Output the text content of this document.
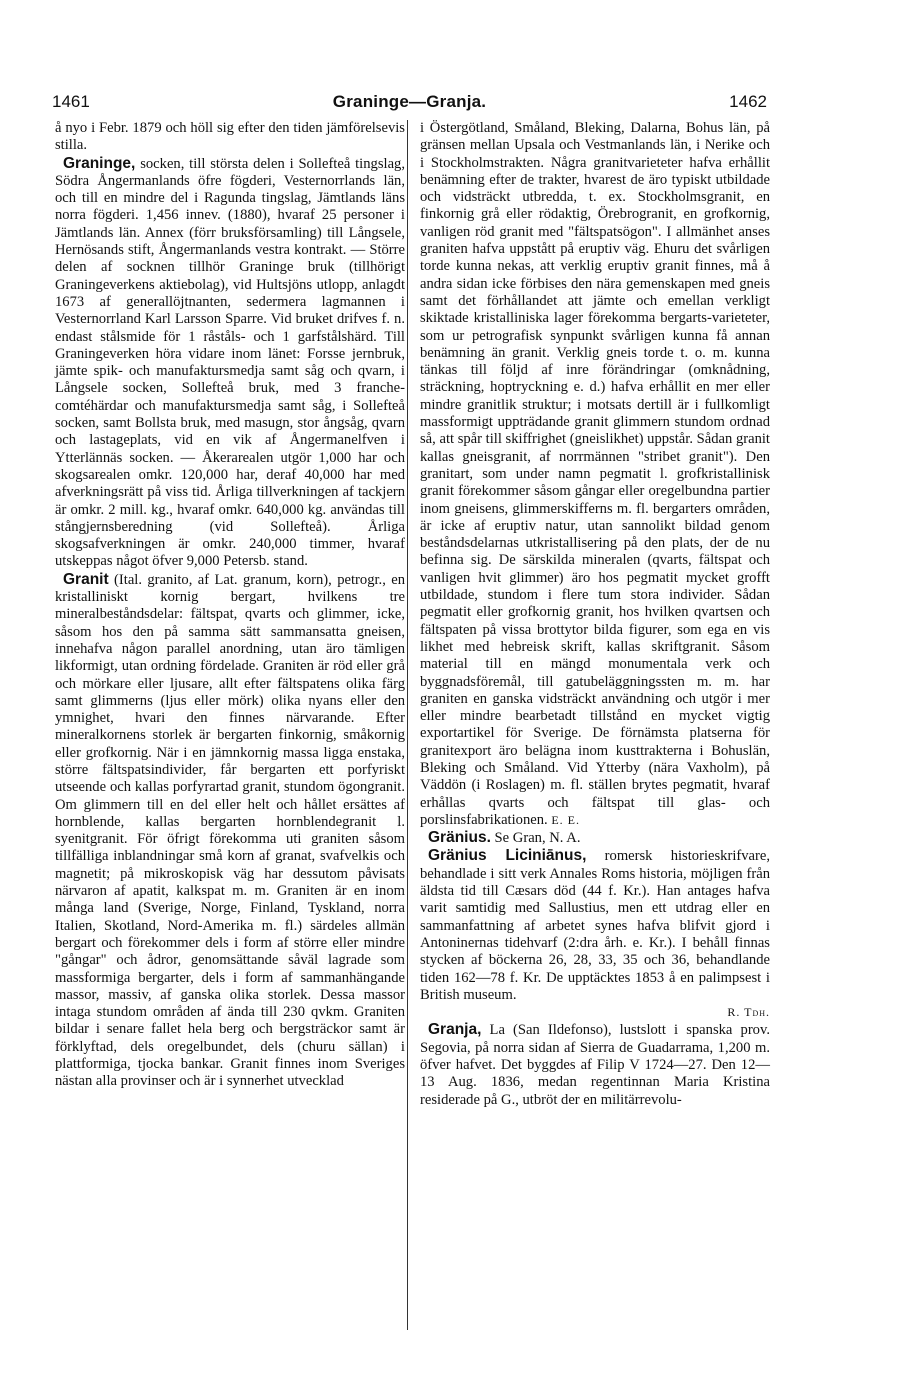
1461	Graninge—Granja.	1462

å nyo i Febr. 1879 och höll sig efter den tiden jämförelsevis stilla.

Graninge, socken, till största delen i Sollefteå tingslag, Södra Ångermanlands öfre fögderi, Vesternorrlands län, och till en mindre del i Ragunda tingslag, Jämtlands läns norra fögderi. 1,456 innev. (1880), hvaraf 25 personer i Jämtlands län. Annex (förr bruksförsamling) till Långsele, Hernösands stift, Ångermanlands vestra kontrakt. — Större delen af socknen tillhör Graninge bruk (tillhörigt Graningeverkens aktiebolag), vid Hultsjöns utlopp, anlagdt 1673 af generallöjtnanten, sedermera lagmannen i Vesternorrland Karl Larsson Sparre. Vid bruket drifves f. n. endast stålsmide för 1 råståls- och 1 garfstålshärd. Till Graningeverken höra vidare inom länet: Forsse jernbruk, jämte spik- och manufaktursmedja samt såg och qvarn, i Långsele socken, Sollefteå bruk, med 3 franche-comtéhärdar och manufaktursmedja samt såg, i Sollefteå socken, samt Bollsta bruk, med masugn, stor ångsåg, qvarn och lastageplats, vid en vik af Ångermanelfven i Ytterlännäs socken. — Åkerarealen utgör 1,000 har och skogsarealen omkr. 120,000 har, deraf 40,000 har med afverkningsrätt på viss tid. Årliga tillverkningen af tackjern är omkr. 2 mill. kg., hvaraf omkr. 640,000 kg. användas till stångjernsberedning (vid Sollefteå). Årliga skogsafverkningen är omkr. 240,000 timmer, hvaraf utskeppas något öfver 9,000 Petersb. stand.

Granit (Ital. granito, af Lat. granum, korn), petrogr., en kristalliniskt kornig bergart, hvilkens tre mineralbeståndsdelar: fältspat, qvarts och glimmer, icke, såsom hos den på samma sätt sammansatta gneisen, innehafva någon parallel anordning, utan äro tämligen likformigt, utan ordning fördelade. Graniten är röd eller grå och mörkare eller ljusare, allt efter fältspatens olika färg samt glimmerns (ljus eller mörk) olika nyans eller den ymnighet, hvari den finnes närvarande. Efter mineralkornens storlek är bergarten finkornig, småkornig eller grofkornig. När i en jämnkornig massa ligga enstaka, större fältspatsindivider, får bergarten ett porfyriskt utseende och kallas porfyrartad granit, stundom ögongranit. Om glimmern till en del eller helt och hållet ersättes af hornblende, kallas bergarten hornblendegranit l. syenitgranit. För öfrigt förekomma uti graniten såsom tillfälliga inblandningar små korn af granat, svafvelkis och magnetit; på mikroskopisk väg har dessutom påvisats närvaron af apatit, kalkspat m. m. Graniten är en inom många land (Sverige, Norge, Finland, Tyskland, norra Italien, Skotland, Nord-Amerika m. fl.) särdeles allmän bergart och förekommer dels i form af större eller mindre "gångar" och ådror, genomsättande såväl lagrade som massformiga bergarter, dels i form af sammanhängande massor, massiv, af ganska olika storlek. Dessa massor intaga stundom områden af ända till 230 qvkm. Graniten bildar i senare fallet hela berg och bergsträckor samt är förklyftad, dels oregelbundet, dels (churu sällan) i plattformiga, tjocka bankar. Granit finnes inom Sveriges nästan alla provinser och är i synnerhet utvecklad

i Östergötland, Småland, Bleking, Dalarna, Bohus län, på gränsen mellan Upsala och Vestmanlands län, i Nerike och i Stockholmstrakten. Några granitvarieteter hafva erhållit benämning efter de trakter, hvarest de äro typiskt utbildade och vidsträckt utbredda, t. ex. Stockholmsgranit, en finkornig grå eller rödaktig, Örebrogranit, en grofkornig, vanligen röd granit med "fältspatsögon". I allmänhet anses graniten hafva uppstått på eruptiv väg. Ehuru det svårligen torde kunna nekas, att verklig eruptiv granit finnes, må å andra sidan icke förbises den nära gemenskapen med gneis samt det förhållandet att jämte och emellan verkligt skiktade kristalliniska lager förekomma bergarts-varieteter, som ur petrografisk synpunkt svårligen kunna få annan benämning än granit. Verklig gneis torde t. o. m. kunna tänkas till följd af inre förändringar (omknådning, sträckning, hoptryckning e. d.) hafva erhållit en mer eller mindre granitlik struktur; i motsats dertill är i fullkomligt massformigt uppträdande granit glimmern stundom ordnad så, att spår till skiffrighet (gneislikhet) uppstår. Sådan granit kallas gneisgranit, af norrmännen "stribet granit"). Den granitart, som under namn pegmatit l. grofkristallinisk granit förekommer såsom gångar eller oregelbundna partier inom gneisens, glimmerskifferns m. fl. bergarters områden, är icke af eruptiv natur, utan sannolikt bildad genom beståndsdelarnas utkristallisering på den plats, der de nu befinna sig. De särskilda mineralen (qvarts, fältspat och vanligen hvit glimmer) äro hos pegmatit mycket grofft utbildade, stundom i flere tum stora individer. Sådan pegmatit eller grofkornig granit, hos hvilken qvartsen och fältspaten på vissa brottytor bilda figurer, som ega en vis likhet med hebreisk skrift, kallas skriftgranit. Såsom material till en mängd monumentala verk och byggnadsföremål, till gatubeläggningssten m. m. har graniten en ganska vidsträckt användning och utgör i mer eller mindre bearbetadt tillstånd en mycket vigtig exportartikel för Sverige. De förnämsta platserna för granitexport äro belägna inom kusttrakterna i Bohuslän, Bleking och Småland. Vid Ytterby (nära Vaxholm), på Väddön (i Roslagen) m. fl. ställen brytes pegmatit, hvaraf erhållas qvarts och fältspat till glas- och porslinsfabrikationen. E. E.

Gränius. Se Gran, N. A.

Gränius Liciniānus, romersk historieskrifvare, behandlade i sitt verk Annales Roms historia, möjligen från äldsta tid till Cæsars död (44 f. Kr.). Han antages hafva varit samtidig med Sallustius, men ett utdrag eller en sammanfattning af arbetet synes hafva blifvit gjord i Antoninernas tidehvarf (2:dra årh. e. Kr.). I behåll finnas stycken af böckerna 26, 28, 33, 35 och 36, behandlande tiden 162—78 f. Kr. De upptäcktes 1853 å en palimpsest i British museum.

R. Tdh.

Granja, La (San Ildefonso), lustslott i spanska prov. Segovia, på norra sidan af Sierra de Guadarrama, 1,200 m. öfver hafvet. Det byggdes af Filip V 1724—27. Den 12—13 Aug. 1836, medan regentinnan Maria Kristina residerade på G., utbröt der en militärrevolu-
